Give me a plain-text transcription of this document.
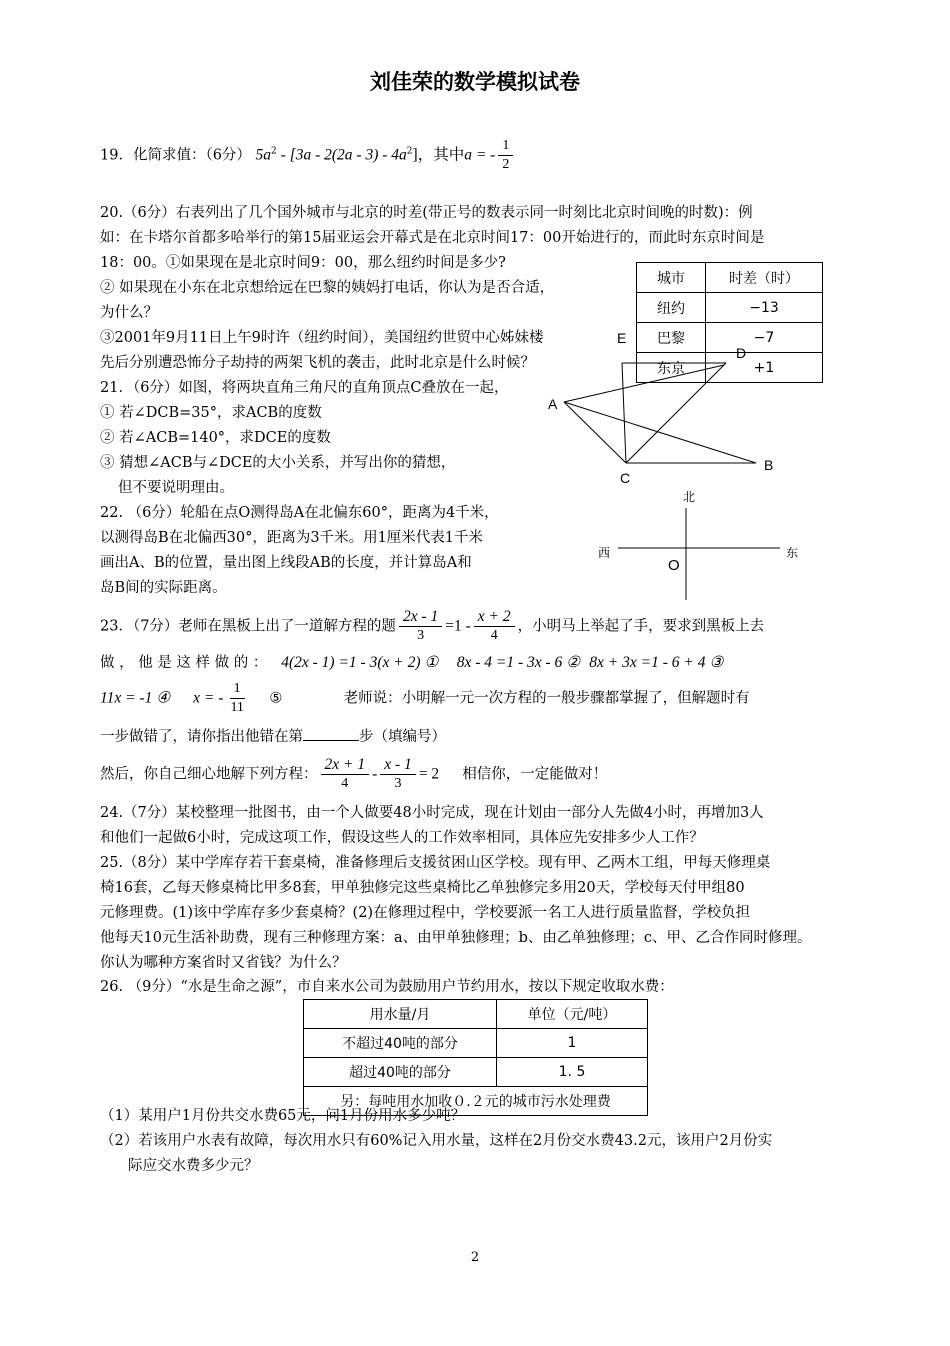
刘佳荣的数学模拟试卷
19．化简求值：（6分） $5a^2 - [3a - 2(2a - 3) - 4a^2]$，其中a = - $\frac{1}{2}$
20.（6分）右表列出了几个国外城市与北京的时差(带正号的数表示同一时刻比北京时间晚的时数)：例
如：在卡塔尔首都多哈举行的第15届亚运会开幕式是在北京时间17：00开始进行的，而此时东京时间是
18：00。①如果现在是北京时间9：00，那么纽约时间是多少?
② 如果现在小东在北京想给远在巴黎的姨妈打电话，你认为是否合适，
为什么？
③2001年9月11日上午9时许（纽约时间），美国纽约世贸中心姊妹楼
先后分别遭恐怖分子劫持的两架飞机的袭击，此时北京是什么时候？
城市	时差（时）
纽约	−13
巴黎	−7
东京	+1
21．（6分）如图，将两块直角三角尺的直角顶点C叠放在一起，
① 若∠DCB=35°，求ACB的度数
② 若∠ACB=140°，求DCE的度数
③ 猜想∠ACB与∠DCE的大小关系，并写出你的猜想，
但不要说明理由。
E
D
A
B
C
22. （6分）轮船在点O测得岛A在北偏东60°，距离为4千米，
以测得岛B在北偏西30°，距离为3千米。用1厘米代表1千米
画出A、B的位置，量出图上线段AB的长度，并计算岛A和
岛B间的实际距离。
北
西	东
O
23．（7分）老师在黑板上出了一道解方程的题 $\frac{2x - 1}{3} =1 - \frac{x + 2}{4}$ ，小明马上举起了手，要求到黑板上去
做 ， 他 是 这 样 做 的 ： 4(2x - 1) =1 - 3(x + 2) ① 8x - 4 =1 - 3x - 6 ② 8x + 3x =1 - 6 + 4 ③
11x = -1 ④ x = - $\frac{1}{11}$ ⑤	老师说：小明解一元一次方程的一般步骤都掌握了，但解题时有
一步做错了，请你指出他错在第	步（填编号）
然后，你自己细心地解下列方程： $\frac{2x + 1}{4} - \frac{x - 1}{3} = 2$ 相信你，一定能做对！
24.（7分）某校整理一批图书，由一个人做要48小时完成，现在计划由一部分人先做4小时，再增加3人
和他们一起做6小时，完成这项工作，假设这些人的工作效率相同，具体应先安排多少人工作？
25.（8分）某中学库存若干套桌椅，准备修理后支援贫困山区学校。现有甲、乙两木工组，甲每天修理桌
椅16套，乙每天修桌椅比甲多8套，甲单独修完这些桌椅比乙单独修完多用20天，学校每天付甲组80
元修理费。(1)该中学库存多少套桌椅？(2)在修理过程中，学校要派一名工人进行质量监督，学校负担
他每天10元生活补助费，现有三种修理方案：a、由甲单独修理；b、由乙单独修理；c、甲、乙合作同时修理。
你认为哪种方案省时又省钱？为什么？
26. （9分）“水是生命之源”，市自来水公司为鼓励用户节约用水，按以下规定收取水费：
用水量/月	单位（元/吨）
不超过40吨的部分	1
超过40吨的部分	1. 5
另：每吨用水加收０.２元的城市污水处理费	
（1）某用户1月份共交水费65元，问1月份用水多少吨？
（2）若该用户水表有故障，每次用水只有60%记入用水量，这样在2月份交水费43.2元，该用户2月份实
际应交水费多少元？
2
